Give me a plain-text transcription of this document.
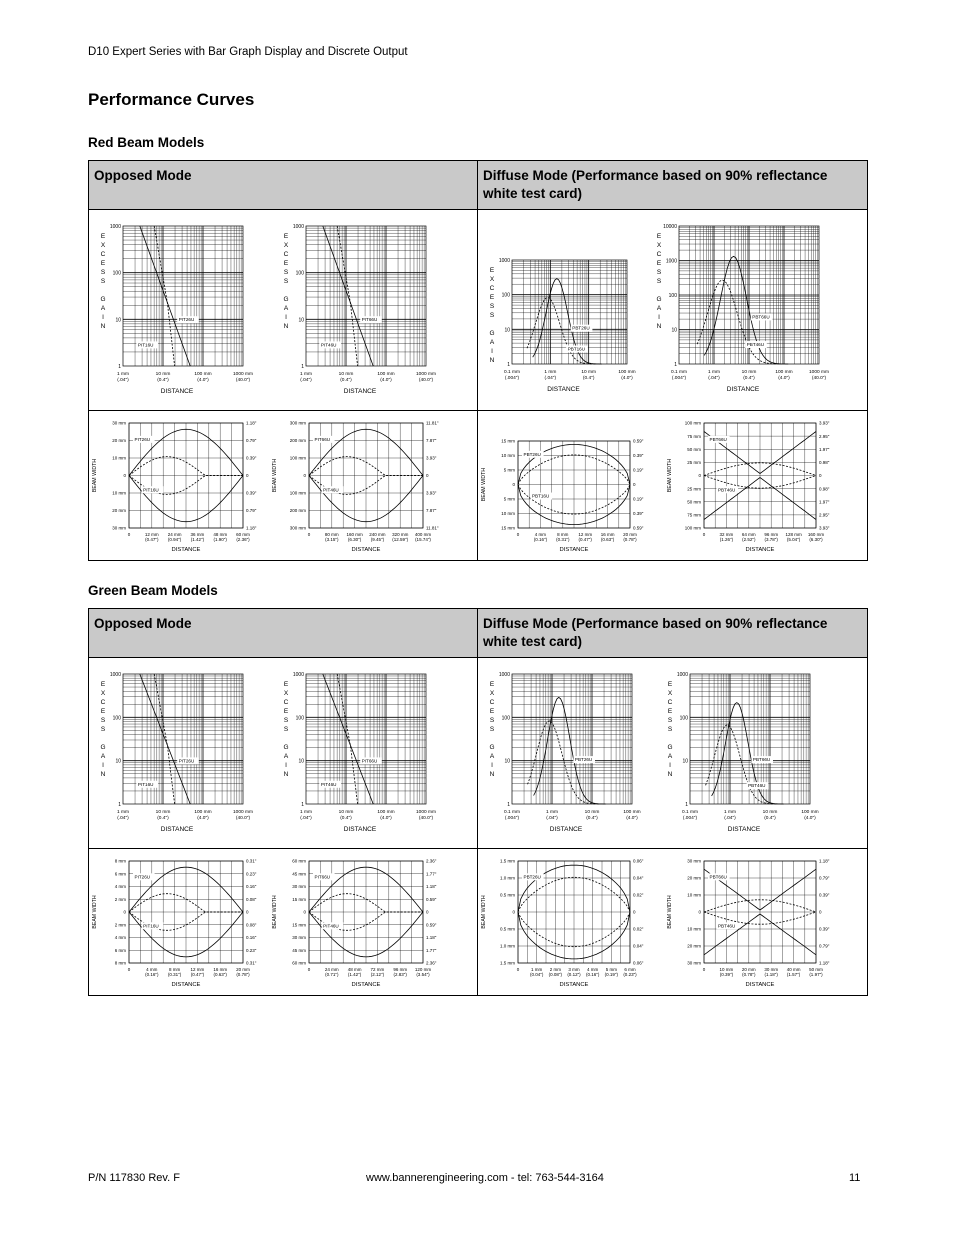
D10 Expert Series with Bar Graph Display and Discrete Output
Performance Curves
Red Beam Models
Opposed Mode	Diffuse Mode (Performance based on 90% reflectance white test card)
1000
100
10
1
1 mm
(.04")
10 mm
(0.4")
100 mm
(4.0")
1000 mm
(40.0")
E
X
C
E
S
S
G
A
I
N
DISTANCE
PIT26U
PIT16U
1000
100
10
1
1 mm
(.04")
10 mm
(0.4")
100 mm
(4.0")
1000 mm
(40.0")
E
X
C
E
S
S
G
A
I
N
DISTANCE
PIT66U
PIT46U
1000
100
10
1
0.1 mm
(.004")
1 mm
(.04")
10 mm
(0.4")
100 mm
(4.0")
E
X
C
E
S
S
G
A
I
N
DISTANCE
PBT26U
PBT16U
10000
1000
100
10
1
0.1 mm
(.004")
1 mm
(.04")
10 mm
(0.4")
100 mm
(4.0")
1000 mm
(40.0")
E
X
C
E
S
S
G
A
I
N
DISTANCE
PBT66U
PBT46U
30 mm
20 mm
10 mm
0
10 mm
20 mm
30 mm
1.18"
0.79"
0.39"
0
0.39"
0.79"
1.18"
0	12 mm
(0.47")
24 mm
(0.94")
36 mm
(1.42")
48 mm
(1.90")
60 mm
(2.36")
BEAM WIDTH
DISTANCE
PIT26U
PIT16U
300 mm
200 mm
100 mm
0
100 mm
200 mm
300 mm
11.81"
7.87"
3.93"
0
3.93"
7.87"
11.81"
0	80 mm
(3.15")
160 mm
(6.30")
240 mm
(9.45")
320 mm
(12.59")
400 mm
(15.74")
BEAM WIDTH
DISTANCE
PIT66U
PIT46U
15 mm
10 mm
5 mm
0
5 mm
10 mm
15 mm
0.59"
0.39"
0.19"
0
0.19"
0.39"
0.59"
0	4 mm
(0.16")
8 mm
(0.31")
12 mm
(0.47")
16 mm
(0.63")
20 mm
(0.78")
BEAM WIDTH
DISTANCE
PBT26U
PBT16U
100 mm
75 mm
50 mm
25 mm
0
25 mm
50 mm
75 mm
100 mm
3.93"
2.95"
1.97"
0.98"
0
0.98"
1.97"
2.95"
3.93"
0	32 mm
(1.26")
64 mm
(2.52")
96 mm
(3.78")
128 mm
(5.04")
160 mm
(6.30")
BEAM WIDTH
DISTANCE
PBT66U
PBT46U
Green Beam Models
Opposed Mode	Diffuse Mode (Performance based on 90% reflectance white test card)
1000
100
10
1
1 mm
(.04")
10 mm
(0.4")
100 mm
(4.0")
1000 mm
(40.0")
E
X
C
E
S
S
G
A
I
N
DISTANCE
PIT26U
PIT16U
1000
100
10
1
1 mm
(.04")
10 mm
(0.4")
100 mm
(4.0")
1000 mm
(40.0")
E
X
C
E
S
S
G
A
I
N
DISTANCE
PIT66U
PIT46U
1000
100
10
1
0.1 mm
(.004")
1 mm
(.04")
10 mm
(0.4")
100 mm
(4.0")
E
X
C
E
S
S
G
A
I
N
DISTANCE
PBT26U
1000
100
10
1
0.1 mm
(.004")
1 mm
(.04")
10 mm
(0.4")
100 mm
(4.0")
E
X
C
E
S
S
G
A
I
N
DISTANCE
PBT66U
PBT46U
8 mm
6 mm
4 mm
2 mm
0
2 mm
4 mm
6 mm
8 mm
0.31"
0.23"
0.16"
0.08"
0
0.08"
0.16"
0.23"
0.31"
0	4 mm
(0.16")
8 mm
(0.31")
12 mm
(0.47")
16 mm
(0.63")
20 mm
(0.78")
BEAM WIDTH
DISTANCE
PIT26U
PIT16U
60 mm
45 mm
30 mm
15 mm
0
15 mm
30 mm
45 mm
60 mm
2.36"
1.77"
1.18"
0.59"
0
0.59"
1.18"
1.77"
2.36"
0	24 mm
(0.71")
48 mm
(1.42")
72 mm
(2.12")
96 mm
(2.83")
120 mm
(3.54")
BEAM WIDTH
DISTANCE
PIT66U
PIT46U
1.5 mm
1.0 mm
0.5 mm
0
0.5 mm
1.0 mm
1.5 mm
0.06"
0.04"
0.02"
0
0.02"
0.04"
0.06"
0	1 mm
(0.04")
2 mm
(0.08")
3 mm
(0.12")
4 mm
(0.16")
5 mm
(0.19")
6 mm
(0.23")
BEAM WIDTH
DISTANCE
PBT26U
30 mm
20 mm
10 mm
0
10 mm
20 mm
30 mm
1.18"
0.79"
0.39"
0
0.39"
0.79"
1.18"
0	10 mm
(0.39")
20 mm
(0.78")
30 mm
(1.18")
40 mm
(1.57")
50 mm
(1.97")
BEAM WIDTH
DISTANCE
PBT66U
PBT46U
P/N 117830 Rev. F	www.bannerengineering.com - tel: 763-544-3164	11
